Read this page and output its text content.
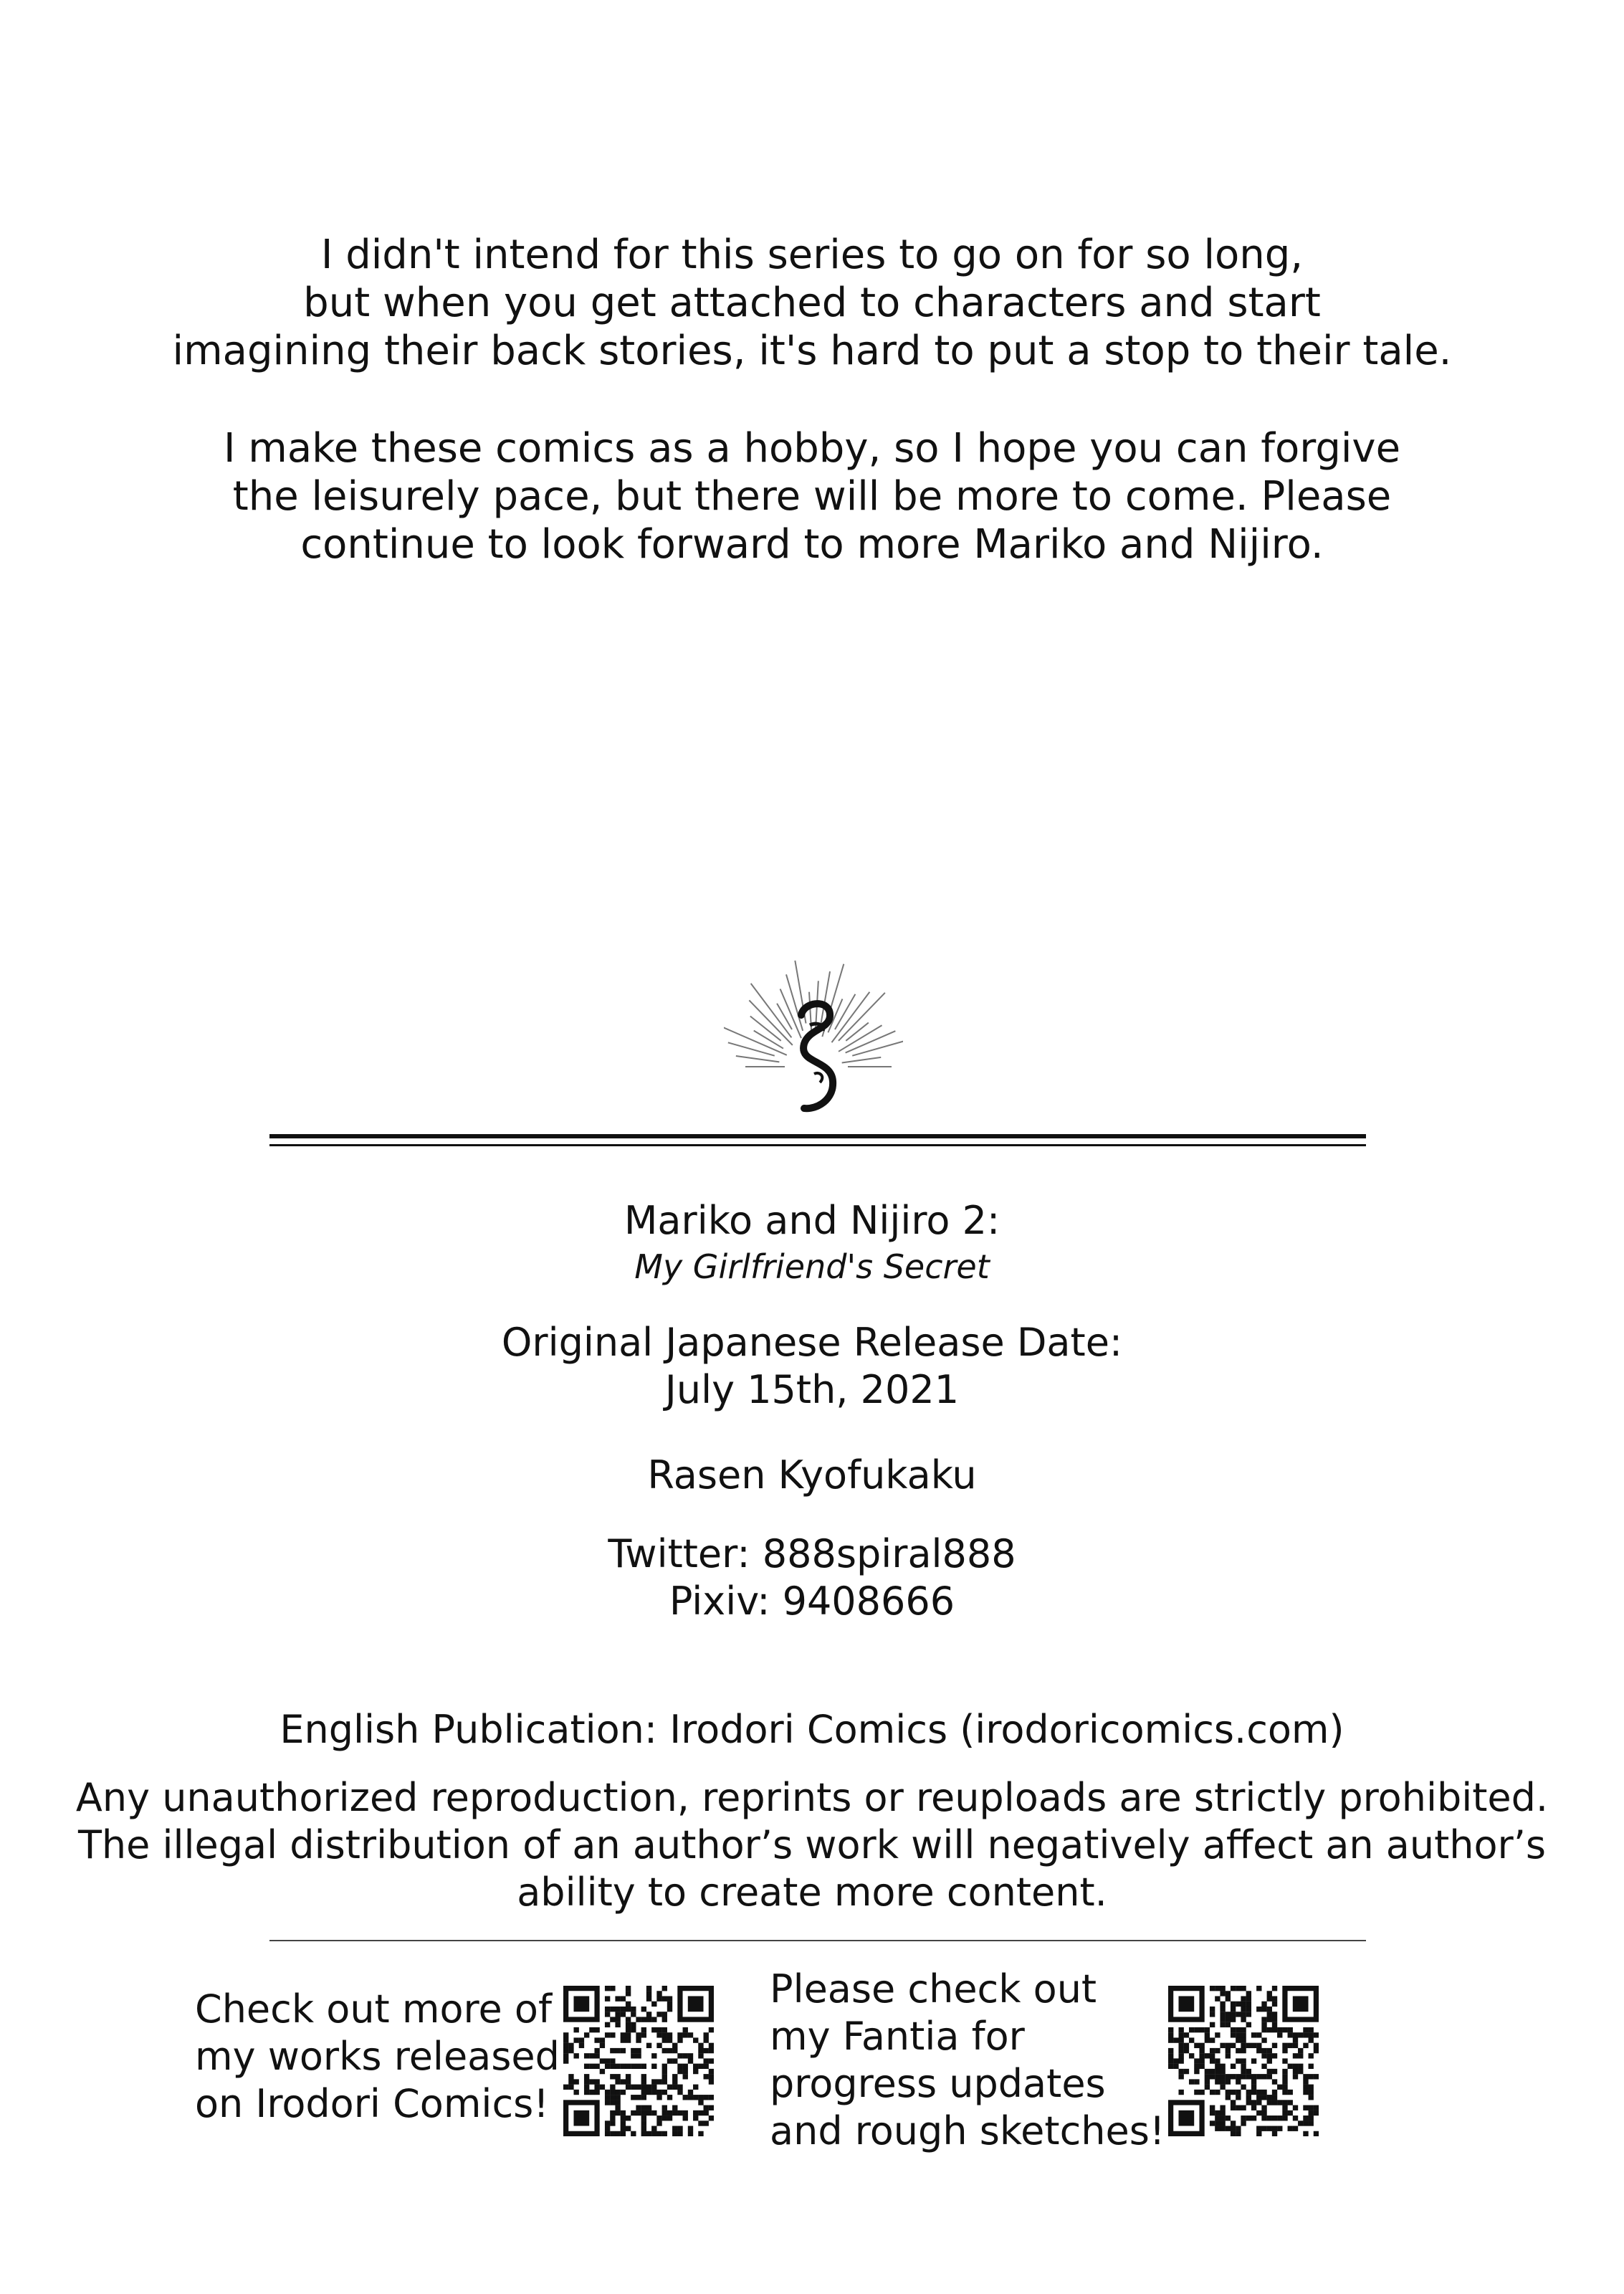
I didn't intend for this series to go on for so long,
but when you get attached to characters and start
imagining their back stories, it's hard to put a stop to their tale.
I make these comics as a hobby, so I hope you can forgive
the leisurely pace, but there will be more to come. Please
continue to look forward to more Mariko and Nijiro.
Mariko and Nijiro 2:
My Girlfriend's Secret
Original Japanese Release Date:
July 15th, 2021
Rasen Kyofukaku
Twitter: 888spiral888
Pixiv: 9408666
English Publication: Irodori Comics (irodoricomics.com)
Any unauthorized reproduction, reprints or reuploads are strictly prohibited.
The illegal distribution of an author’s work will negatively affect an author’s
ability to create more content.
Check out more of
my works released
on Irodori Comics!
Please check out
my Fantia for
progress updates
and rough sketches!
